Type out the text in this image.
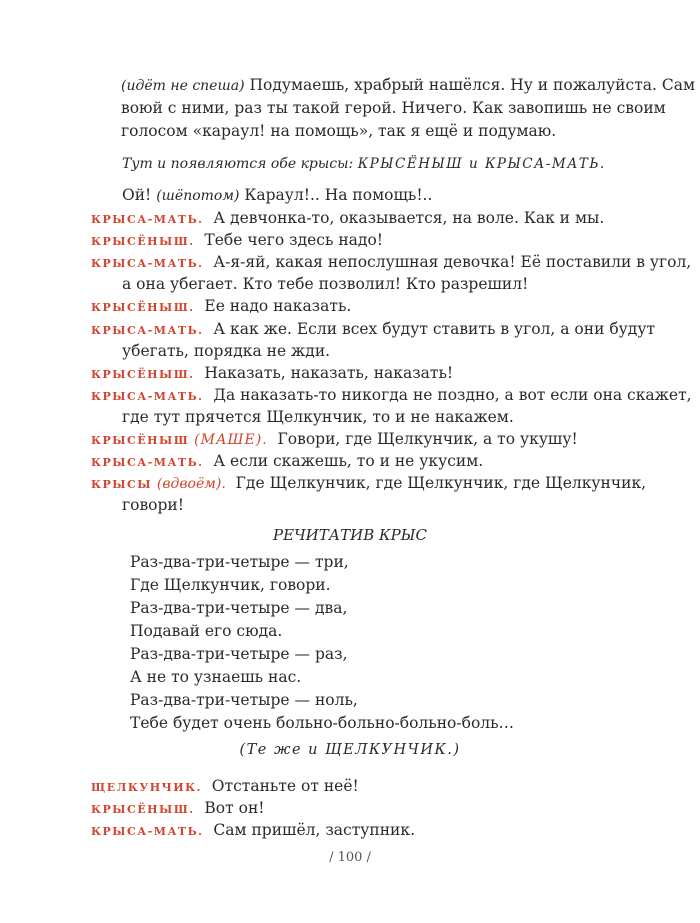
(идёт не спеша) Подумаешь, храбрый нашёлся. Ну и пожалуйста. Сам
воюй с ними, раз ты такой герой. Ничего. Как завопишь не своим
голосом «караул! на помощь», так я ещё и подумаю.
Тут и появляются обе крысы: КРЫСЁНЫШ и КРЫСА-МАТЬ.
Ой! (шёпотом) Караул!.. На помощь!..
КРЫСА-МАТЬ. А девчонка-то, оказывается, на воле. Как и мы.
КРЫСЁНЫШ. Тебе чего здесь надо!
КРЫСА-МАТЬ. А-я-яй, какая непослушная девочка! Её поставили в угол,
а она убегает. Кто тебе позволил! Кто разрешил!
КРЫСЁНЫШ. Ее надо наказать.
КРЫСА-МАТЬ. А как же. Если всех будут ставить в угол, а они будут
убегать, порядка не жди.
КРЫСЁНЫШ. Наказать, наказать, наказать!
КРЫСА-МАТЬ. Да наказать-то никогда не поздно, а вот если она скажет,
где тут прячется Щелкунчик, то и не накажем.
КРЫСЁНЫШ (МАШЕ). Говори, где Щелкунчик, а то укушу!
КРЫСА-МАТЬ. А если скажешь, то и не укусим.
КРЫСЫ (вдвоём). Где Щелкунчик, где Щелкунчик, где Щелкунчик,
говори!
РЕЧИТАТИВ КРЫС
Раз-два-три-четыре — три,
Где Щелкунчик, говори.
Раз-два-три-четыре — два,
Подавай его сюда.
Раз-два-три-четыре — раз,
А не то узнаешь нас.
Раз-два-три-четыре — ноль,
Тебе будет очень больно-больно-больно-боль…
(Те же и ЩЕЛКУНЧИК.)
ЩЕЛКУНЧИК. Отстаньте от неё!
КРЫСЁНЫШ. Вот он!
КРЫСА-МАТЬ. Сам пришёл, заступник.
/ 100 /
